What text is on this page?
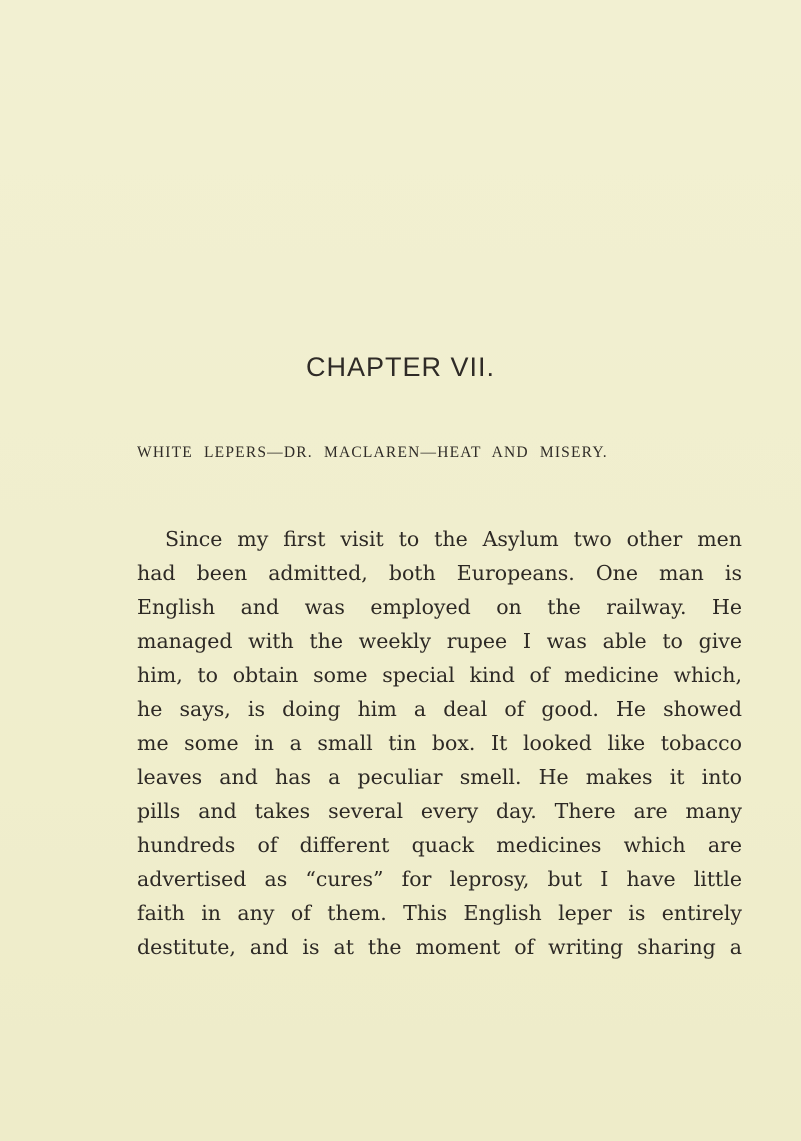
CHAPTER VII.
WHITE LEPERS—DR. MACLAREN—HEAT AND MISERY.
Since my first visit to the Asylum two other men
had been admitted, both Europeans. One man is
English and was employed on the railway. He
managed with the weekly rupee I was able to give
him, to obtain some special kind of medicine which,
he says, is doing him a deal of good. He showed
me some in a small tin box. It looked like tobacco
leaves and has a peculiar smell. He makes it into
pills and takes several every day. There are many
hundreds of different quack medicines which are
advertised as “cures” for leprosy, but I have little
faith in any of them. This English leper is entirely
destitute, and is at the moment of writing sharing a
